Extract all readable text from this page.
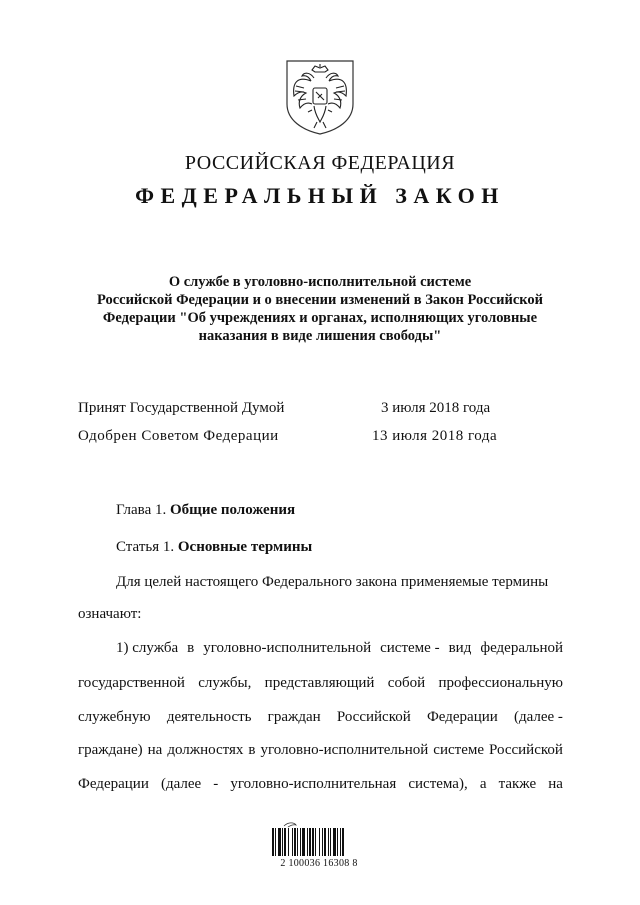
РОССИЙСКАЯ ФЕДЕРАЦИЯ
ФЕДЕРАЛЬНЫЙ ЗАКОН
О службе в уголовно-исполнительной системе
Российской Федерации и о внесении изменений в Закон Российской
Федерации "Об учреждениях и органах, исполняющих уголовные
наказания в виде лишения свободы"
Принят Государственной Думой	3 июля 2018 года
Одобрен Советом Федерации	13 июля 2018 года
Глава 1. Общие положения
Статья 1. Основные термины
Для целей настоящего Федерального закона применяемые термины
означают:
1) служба в уголовно-исполнительной системе - вид федеральной
государственной службы, представляющий собой профессиональную
служебную деятельность граждан Российской Федерации (далее -
граждане) на должностях в уголовно-исполнительной системе Российской
Федерации (далее - уголовно-исполнительная система), а также на
2 100036 16308 8
